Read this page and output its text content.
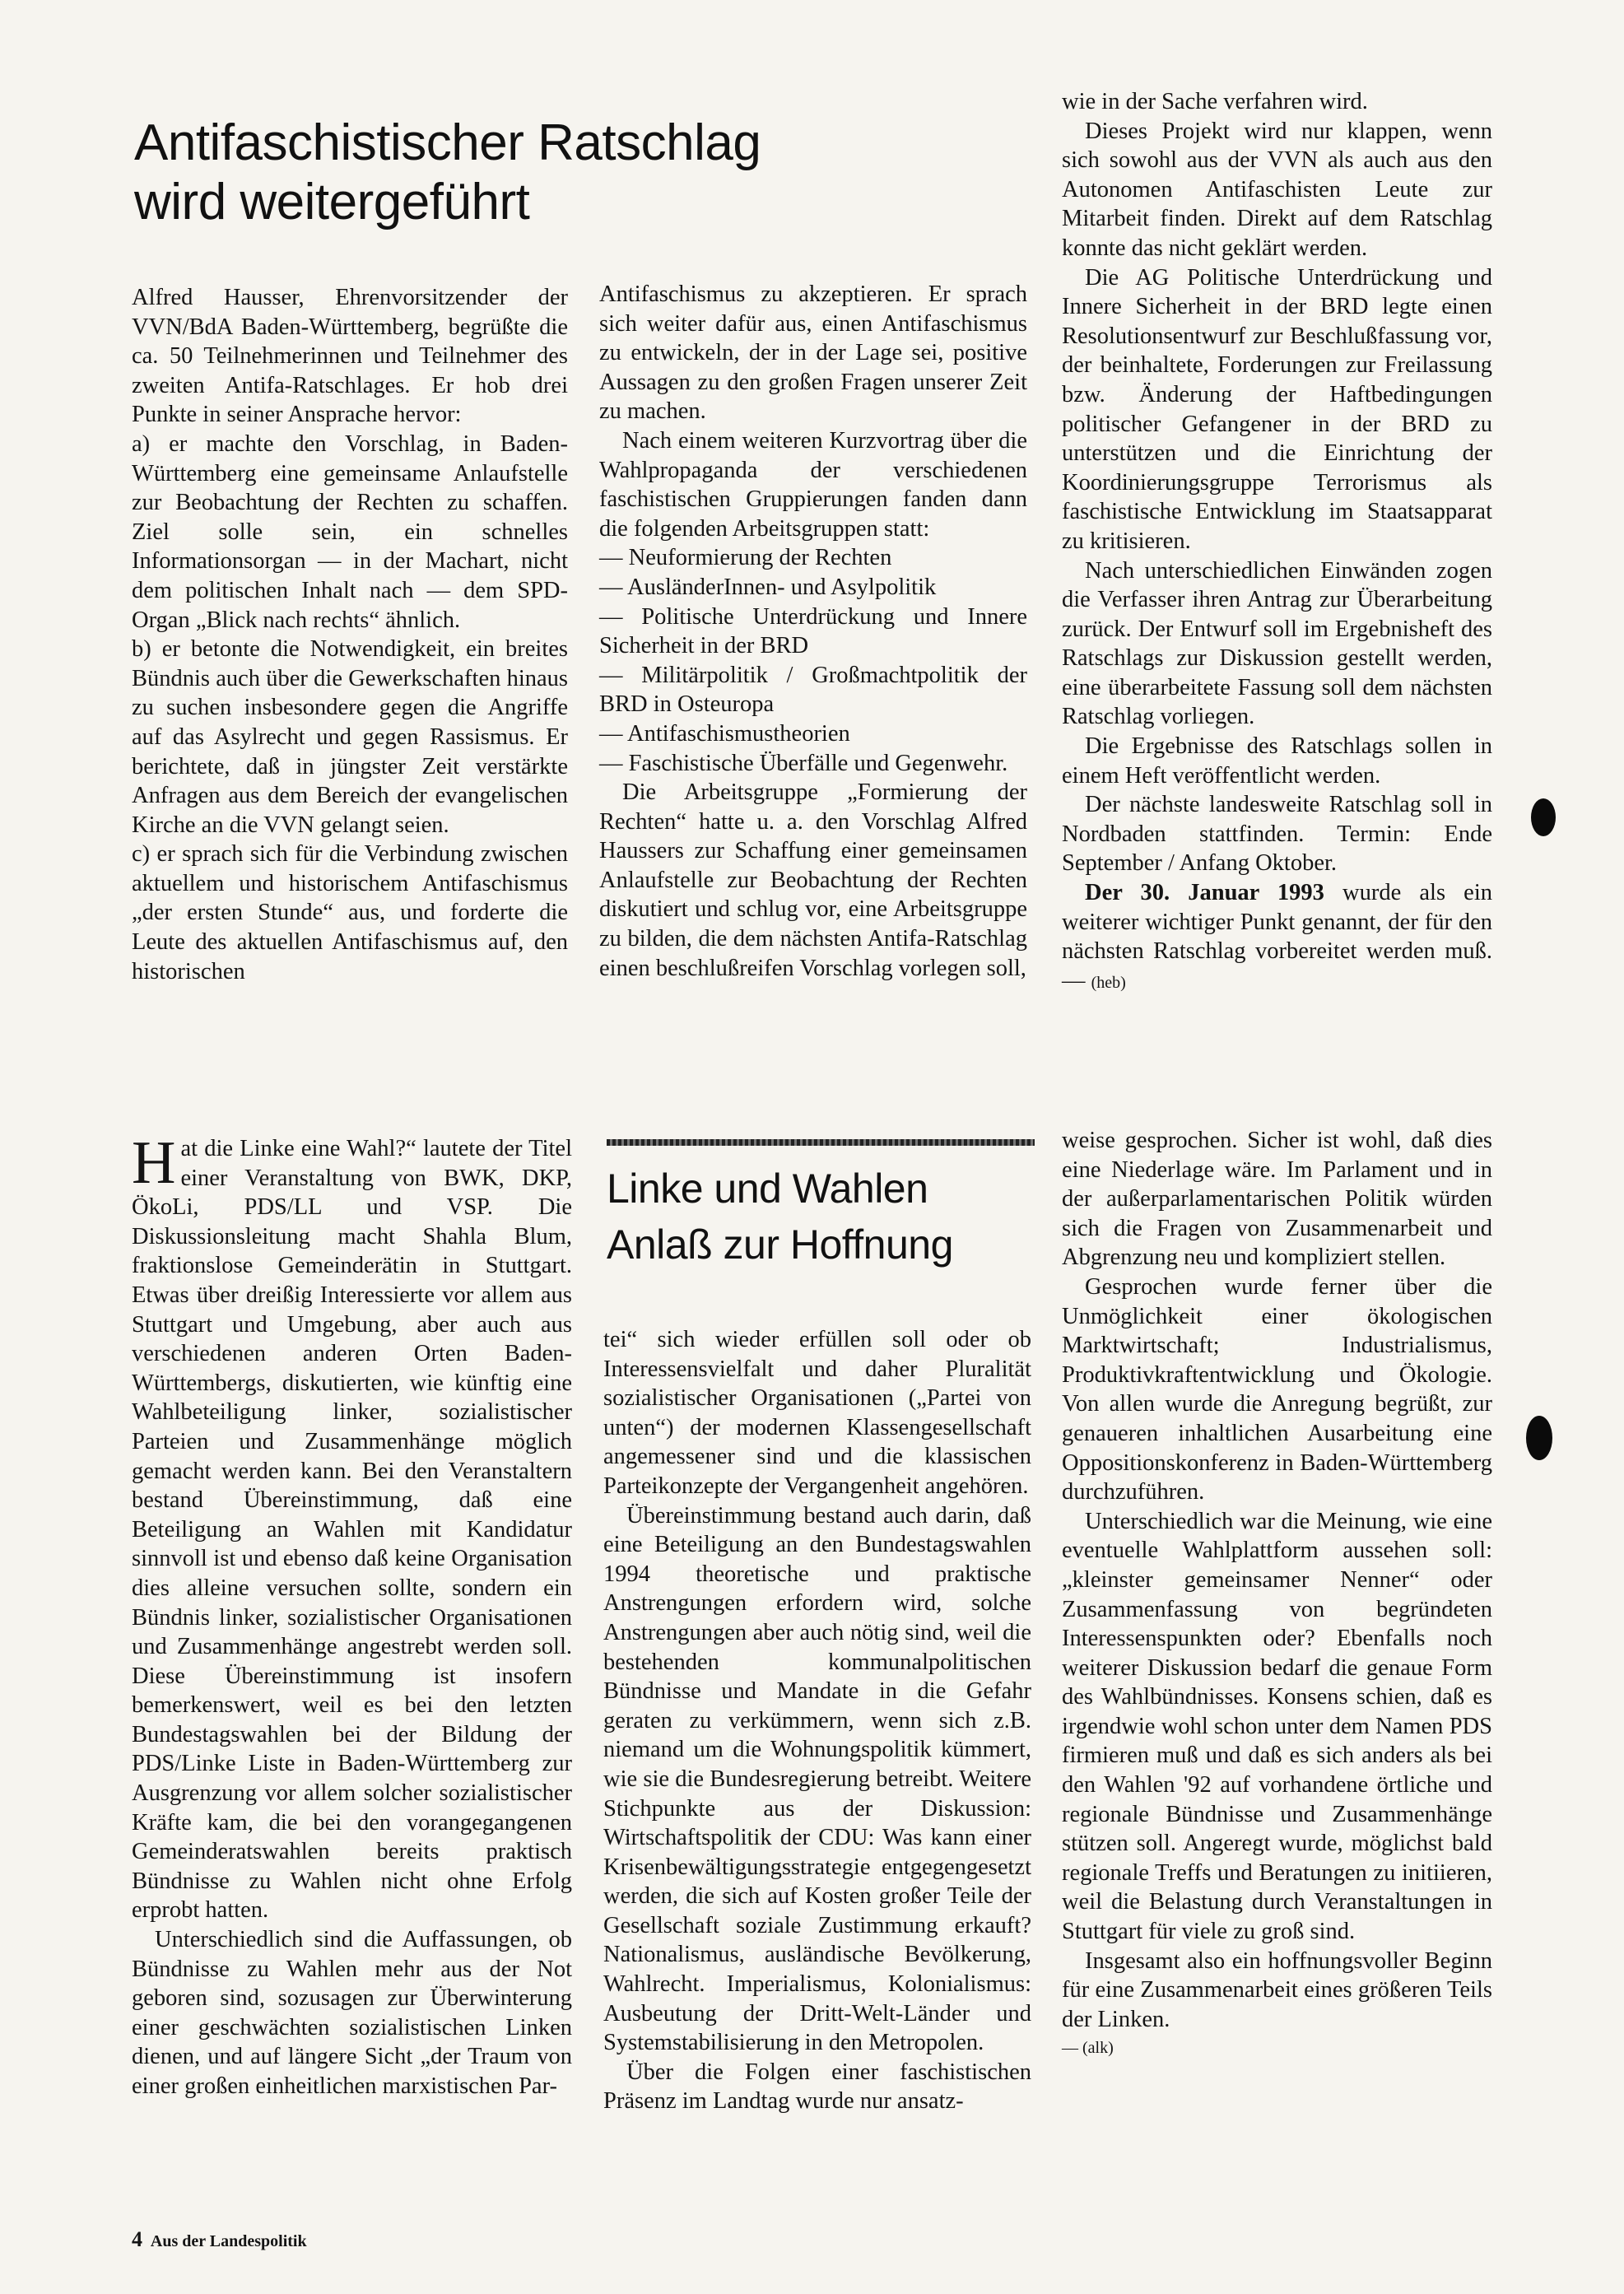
Antifaschistischer Ratschlag
wird weitergeführt

Alfred Hausser, Ehrenvorsitzender der VVN/BdA Baden-Württemberg, begrüßte die ca. 50 Teilnehmerinnen und Teilnehmer des zweiten Antifa-Ratschlages. Er hob drei Punkte in seiner Ansprache hervor:

a) er machte den Vorschlag, in Baden-Württemberg eine gemeinsame Anlaufstelle zur Beobachtung der Rechten zu schaffen. Ziel solle sein, ein schnelles Informationsorgan — in der Machart, nicht dem politischen Inhalt nach — dem SPD-Organ „Blick nach rechts“ ähnlich.

b) er betonte die Notwendigkeit, ein breites Bündnis auch über die Gewerkschaften hinaus zu suchen insbesondere gegen die Angriffe auf das Asylrecht und gegen Rassismus. Er berichtete, daß in jüngster Zeit verstärkte Anfragen aus dem Bereich der evangelischen Kirche an die VVN gelangt seien.

c) er sprach sich für die Verbindung zwischen aktuellem und historischem Antifaschismus „der ersten Stunde“ aus, und forderte die Leute des aktuellen Antifaschismus auf, den historischen

Antifaschismus zu akzeptieren. Er sprach sich weiter dafür aus, einen Antifaschismus zu entwickeln, der in der Lage sei, positive Aussagen zu den großen Fragen unserer Zeit zu machen.

Nach einem weiteren Kurzvortrag über die Wahlpropaganda der verschiedenen faschistischen Gruppierungen fanden dann die folgenden Arbeitsgruppen statt:

— Neuformierung der Rechten

— AusländerInnen- und Asylpolitik

— Politische Unterdrückung und Innere Sicherheit in der BRD

— Militärpolitik / Großmachtpolitik der BRD in Osteuropa

— Antifaschismustheorien

— Faschistische Überfälle und Gegenwehr.

Die Arbeitsgruppe „Formierung der Rechten“ hatte u. a. den Vorschlag Alfred Haussers zur Schaffung einer gemeinsamen Anlaufstelle zur Beobachtung der Rechten diskutiert und schlug vor, eine Arbeitsgruppe zu bilden, die dem nächsten Antifa-Ratschlag einen beschlußreifen Vorschlag vorlegen soll,

wie in der Sache verfahren wird.

Dieses Projekt wird nur klappen, wenn sich sowohl aus der VVN als auch aus den Autonomen Antifaschisten Leute zur Mitarbeit finden. Direkt auf dem Ratschlag konnte das nicht geklärt werden.

Die AG Politische Unterdrückung und Innere Sicherheit in der BRD legte einen Resolutionsentwurf zur Beschlußfassung vor, der beinhaltete, Forderungen zur Freilassung bzw. Änderung der Haftbedingungen politischer Gefangener in der BRD zu unterstützen und die Einrichtung der Koordinierungsgruppe Terrorismus als faschistische Entwicklung im Staatsapparat zu kritisieren.

Nach unterschiedlichen Einwänden zogen die Verfasser ihren Antrag zur Überarbeitung zurück. Der Entwurf soll im Ergebnisheft des Ratschlags zur Diskussion gestellt werden, eine überarbeitete Fassung soll dem nächsten Ratschlag vorliegen.

Die Ergebnisse des Ratschlags sollen in einem Heft veröffentlicht werden.

Der nächste landesweite Ratschlag soll in Nordbaden stattfinden. Termin: Ende September / Anfang Oktober.

Der 30. Januar 1993 wurde als ein weiterer wichtiger Punkt genannt, der für den nächsten Ratschlag vorbereitet werden muß. — (heb)

Linke und Wahlen
Anlaß zur Hoffnung

Hat die Linke eine Wahl?“ lautete der Titel einer Veranstaltung von BWK, DKP, ÖkoLi, PDS/LL und VSP. Die Diskussionsleitung macht Shahla Blum, fraktionslose Gemeinderätin in Stuttgart. Etwas über dreißig Interessierte vor allem aus Stuttgart und Umgebung, aber auch aus verschiedenen anderen Orten Baden-Württembergs, diskutierten, wie künftig eine Wahlbeteiligung linker, sozialistischer Parteien und Zusammenhänge möglich gemacht werden kann. Bei den Veranstaltern bestand Übereinstimmung, daß eine Beteiligung an Wahlen mit Kandidatur sinnvoll ist und ebenso daß keine Organisation dies alleine versuchen sollte, sondern ein Bündnis linker, sozialistischer Organisationen und Zusammenhänge angestrebt werden soll. Diese Übereinstimmung ist insofern bemerkenswert, weil es bei den letzten Bundestagswahlen bei der Bildung der PDS/Linke Liste in Baden-Württemberg zur Ausgrenzung vor allem solcher sozialistischer Kräfte kam, die bei den vorangegangenen Gemeinderatswahlen bereits praktisch Bündnisse zu Wahlen nicht ohne Erfolg erprobt hatten.

Unterschiedlich sind die Auffassungen, ob Bündnisse zu Wahlen mehr aus der Not geboren sind, sozusagen zur Überwinterung einer geschwächten sozialistischen Linken dienen, und auf längere Sicht „der Traum von einer großen einheitlichen marxistischen Par-

tei“ sich wieder erfüllen soll oder ob Interessensvielfalt und daher Pluralität sozialistischer Organisationen („Partei von unten“) der modernen Klassengesellschaft angemessener sind und die klassischen Parteikonzepte der Vergangenheit angehören.

Übereinstimmung bestand auch darin, daß eine Beteiligung an den Bundestagswahlen 1994 theoretische und praktische Anstrengungen erfordern wird, solche Anstrengungen aber auch nötig sind, weil die bestehenden kommunalpolitischen Bündnisse und Mandate in die Gefahr geraten zu verkümmern, wenn sich z.B. niemand um die Wohnungspolitik kümmert, wie sie die Bundesregierung betreibt. Weitere Stichpunkte aus der Diskussion: Wirtschaftspolitik der CDU: Was kann einer Krisenbewältigungsstrategie entgegengesetzt werden, die sich auf Kosten großer Teile der Gesellschaft soziale Zustimmung erkauft? Nationalismus, ausländische Bevölkerung, Wahlrecht. Imperialismus, Kolonialismus: Ausbeutung der Dritt-Welt-Länder und Systemstabilisierung in den Metropolen.

Über die Folgen einer faschistischen Präsenz im Landtag wurde nur ansatz-

weise gesprochen. Sicher ist wohl, daß dies eine Niederlage wäre. Im Parlament und in der außerparlamentarischen Politik würden sich die Fragen von Zusammenarbeit und Abgrenzung neu und kompliziert stellen.

Gesprochen wurde ferner über die Unmöglichkeit einer ökologischen Marktwirtschaft; Industrialismus, Produktivkraftentwicklung und Ökologie. Von allen wurde die Anregung begrüßt, zur genaueren inhaltlichen Ausarbeitung eine Oppositionskonferenz in Baden-Württemberg durchzuführen.

Unterschiedlich war die Meinung, wie eine eventuelle Wahlplattform aussehen soll: „kleinster gemeinsamer Nenner“ oder Zusammenfassung von begründeten Interessenspunkten oder? Ebenfalls noch weiterer Diskussion bedarf die genaue Form des Wahlbündnisses. Konsens schien, daß es irgendwie wohl schon unter dem Namen PDS firmieren muß und daß es sich anders als bei den Wahlen '92 auf vorhandene örtliche und regionale Bündnisse und Zusammenhänge stützen soll. Angeregt wurde, möglichst bald regionale Treffs und Beratungen zu initiieren, weil die Belastung durch Veranstaltungen in Stuttgart für viele zu groß sind.

Insgesamt also ein hoffnungsvoller Beginn für eine Zusammenarbeit eines größeren Teils der Linken.

— (alk)

4 Aus der Landespolitik
